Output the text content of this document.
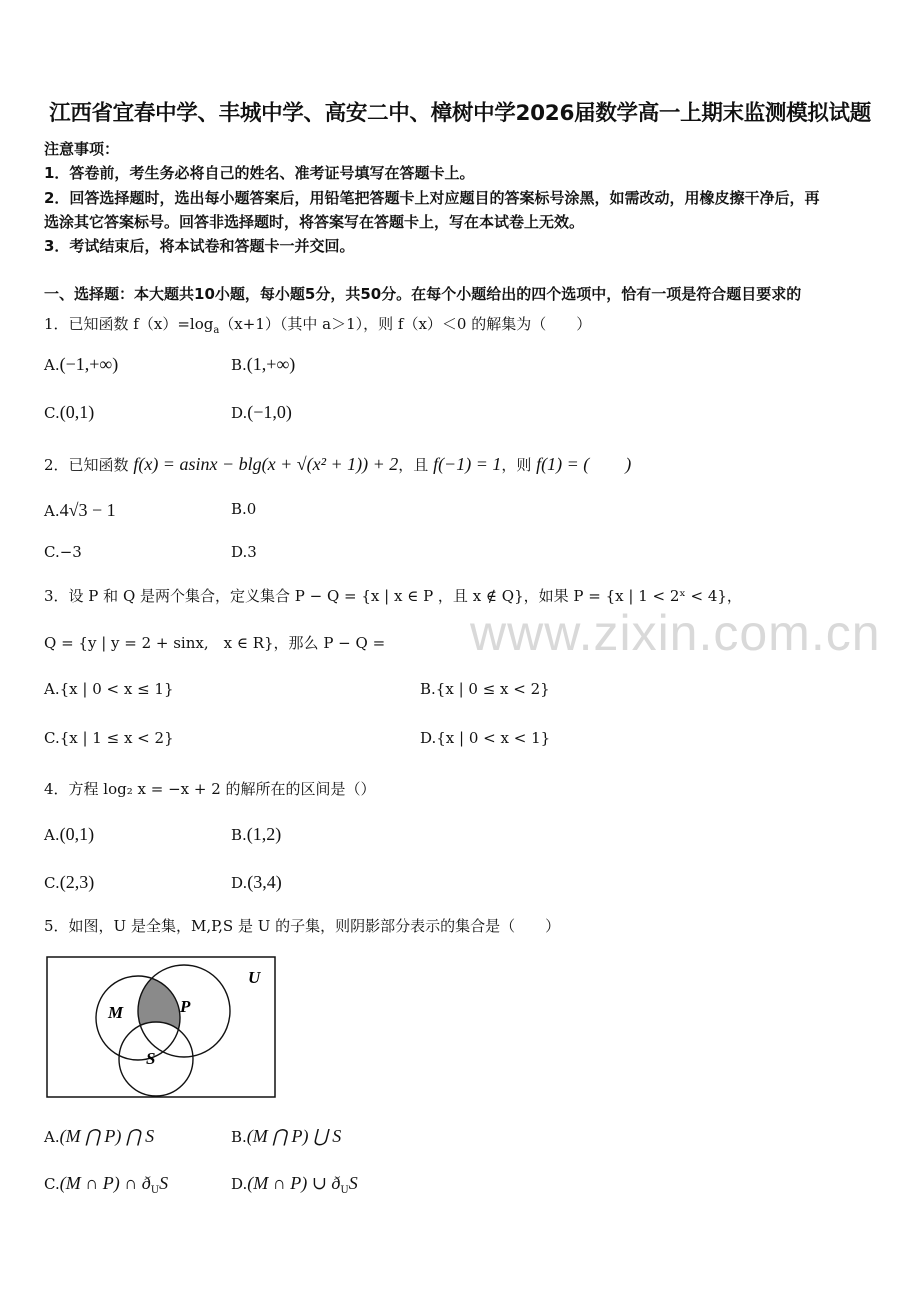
江西省宜春中学、丰城中学、高安二中、樟树中学2026届数学高一上期末监测模拟试题
注意事项：
1．答卷前，考生务必将自己的姓名、准考证号填写在答题卡上。
2．回答选择题时，选出每小题答案后，用铅笔把答题卡上对应题目的答案标号涂黑，如需改动，用橡皮擦干净后，再
选涂其它答案标号。回答非选择题时，将答案写在答题卡上，写在本试卷上无效。
3．考试结束后，将本试卷和答题卡一并交回。
一、选择题：本大题共10小题，每小题5分，共50分。在每个小题给出的四个选项中，恰有一项是符合题目要求的
www.zixin.com.cn
1．已知函数 $f(x)=\log_a(x+1)$（其中 a＞1），则 f（x）＜0 的解集为（　　）
A.(−1,+∞)	B.(1,+∞)
C.(0,1)	D.(−1,0)
2．已知函数 f(x) = asinx − blg(x + √(x² + 1)) + 2，且 f(−1) = 1，则 f(1) = (　　)
A.4√3 − 1	B.0
C.−3	D.3
3．设 P 和 Q 是两个集合，定义集合 P − Q = {x | x ∈ P ，且 x ∉ Q}，如果 P = {x | 1 < 2ˣ < 4}，
Q = {y | y = 2 + sinx,　x ∈ R}，那么 P − Q =
A.{x | 0 < x ≤ 1}	B.{x | 0 ≤ x < 2}
C.{x | 1 ≤ x < 2}	D.{x | 0 < x < 1}
4．方程 log₂ x = −x + 2 的解所在的区间是（）
A.(0,1)	B.(1,2)
C.(2,3)	D.(3,4)
5．如图，U 是全集，M,P,S 是 U 的子集，则阴影部分表示的集合是（　　）
U
M	P
S
A.(M ⋂ P) ⋂ S	B.(M ⋂ P) ⋃ S
C.(M ∩ P) ∩ $ð_US$	D.(M ∩ P) ∪ $ð_US$
